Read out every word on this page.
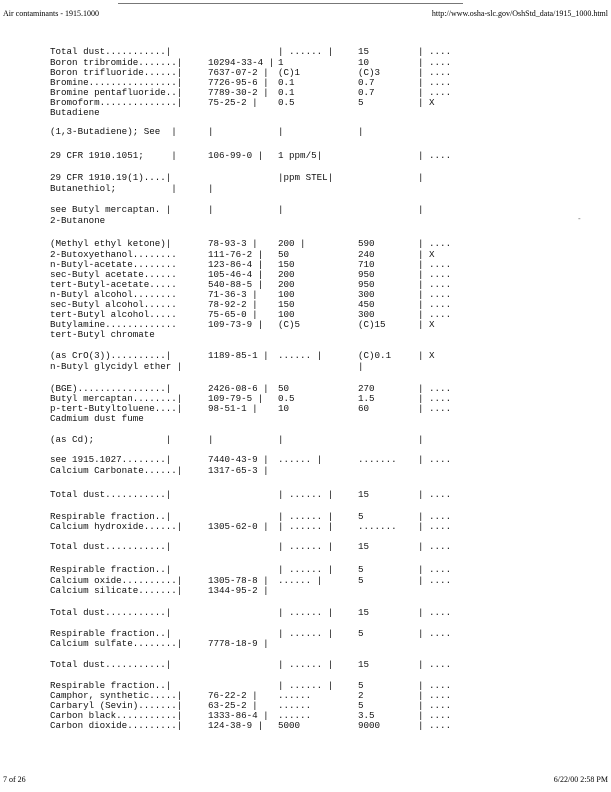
Air contaminants - 1915.1000	http://www.osha-slc.gov/OshStd_data/1915_1000.html
Total dust...........|	| ...... |	15	| ....
Boron tribromide.......|	10294-33-4 | 1	10	| ....
Boron trifluoride......|	7637-07-2 | (C)1	(C)3	| ....
Bromine................|	7726-95-6 | 0.1	0.7	| ....
Bromine pentafluoride..|	7789-30-2 | 0.1	0.7	| ....
Bromoform..............|	75-25-2 | 0.5	5	| X
Butadiene
(1,3-Butadiene); See  |	|	|	|
29 CFR 1910.1051;     |	106-99-0 | 1 ppm/5|	| ....
29 CFR 1910.19(1)....|	|ppm STEL|	|
Butanethiol;          |	|
see Butyl mercaptan. |	|	|	|
2-Butanone
(Methyl ethyl ketone)|	78-93-3 | 200 |	590	| ....
2-Butoxyethanol........	111-76-2 | 50	240	| X
n-Butyl-acetate........	123-86-4 | 150	710	| ....
sec-Butyl acetate......	105-46-4 | 200	950	| ....
tert-Butyl-acetate.....	540-88-5 | 200	950	| ....
n-Butyl alcohol........	71-36-3 | 100	300	| ....
sec-Butyl alcohol......	78-92-2 | 150	450	| ....
tert-Butyl alcohol.....	75-65-0 | 100	300	| ....
Butylamine.............	109-73-9 | (C)5	(C)15	| X
tert-Butyl chromate
(as CrO(3))..........|	1189-85-1 | ...... |	(C)0.1	| X
n-Butyl glycidyl ether |	|
(BGE)................|	2426-08-6 | 50	270	| ....
Butyl mercaptan........|	109-79-5 | 0.5	1.5	| ....
p-tert-Butyltoluene....|	98-51-1 | 10	60	| ....
Cadmium dust fume
(as Cd);             |	|	|	|
see 1915.1027........|	7440-43-9 | ...... |	....... | ....
Calcium Carbonate......|	1317-65-3 |
Total dust...........|	| ...... |	15	| ....
Respirable fraction..|	| ...... |	5	| ....
Calcium hydroxide......|	1305-62-0 | | ...... |	....... | ....
Total dust...........|	| ...... |	15	| ....
Respirable fraction..|	| ...... |	5	| ....
Calcium oxide..........|	1305-78-8 | ...... |	5	| ....
Calcium silicate.......|	1344-95-2 |
Total dust...........|	| ...... |	15	| ....
Respirable fraction..|	| ...... |	5	| ....
Calcium sulfate........|	7778-18-9 |
Total dust...........|	| ...... |	15	| ....
Respirable fraction..|	| ...... |	5	| ....
Camphor, synthetic.....|	76-22-2 | ......	2	| ....
Carbaryl (Sevin).......|	63-25-2 | ......	5	| ....
Carbon black...........|	1333-86-4 | ......	3.5	| ....
Carbon dioxide.........|	124-38-9 | 5000	9000	| ....
-
7 of 26	6/22/00 2:58 PM
